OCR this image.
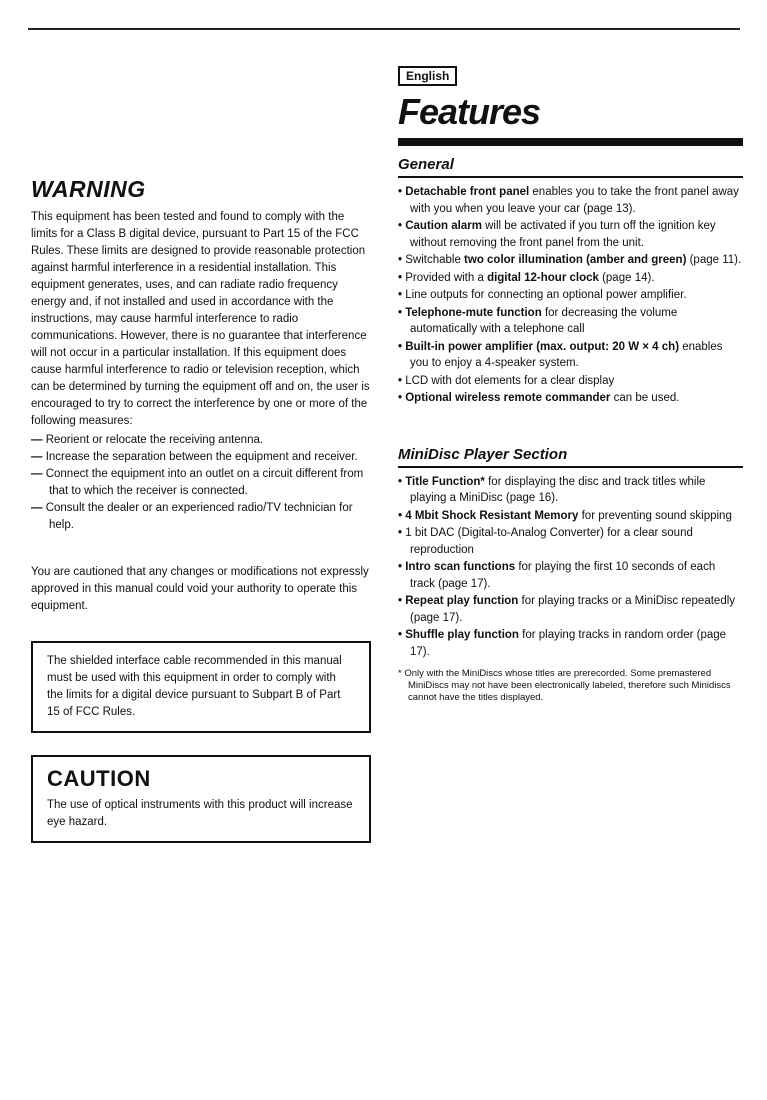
WARNING

This equipment has been tested and found to comply with the limits for a Class B digital device, pursuant to Part 15 of the FCC Rules. These limits are designed to provide reasonable protection against harmful interference in a residential installation. This equipment generates, uses, and can radiate radio frequency energy and, if not installed and used in accordance with the instructions, may cause harmful interference to radio communications. However, there is no guarantee that interference will not occur in a particular installation. If this equipment does cause harmful interference to radio or television reception, which can be determined by turning the equipment off and on, the user is encouraged to try to correct the interference by one or more of the following measures:

— Reorient or relocate the receiving antenna.
— Increase the separation between the equipment and receiver.
— Connect the equipment into an outlet on a circuit different from that to which the receiver is connected.
— Consult the dealer or an experienced radio/TV technician for help.

You are cautioned that any changes or modifications not expressly approved in this manual could void your authority to operate this equipment.

The shielded interface cable recommended in this manual must be used with this equipment in order to comply with the limits for a digital device pursuant to Subpart B of Part 15 of FCC Rules.

CAUTION

The use of optical instruments with this product will increase eye hazard.

English
Features
General
• Detachable front panel enables you to take the front panel away with you when you leave your car (page 13).
• Caution alarm will be activated if you turn off the ignition key without removing the front panel from the unit.
• Switchable two color illumination (amber and green) (page 11).
• Provided with a digital 12-hour clock (page 14).
• Line outputs for connecting an optional power amplifier.
• Telephone-mute function for decreasing the volume automatically with a telephone call
• Built-in power amplifier (max. output: 20 W × 4 ch) enables you to enjoy a 4-speaker system.
• LCD with dot elements for a clear display
• Optional wireless remote commander can be used.
MiniDisc Player Section
• Title Function* for displaying the disc and track titles while playing a MiniDisc (page 16).
• 4 Mbit Shock Resistant Memory for preventing sound skipping
• 1 bit DAC (Digital-to-Analog Converter) for a clear sound reproduction
• Intro scan functions for playing the first 10 seconds of each track (page 17).
• Repeat play function for playing tracks or a MiniDisc repeatedly (page 17).
• Shuffle play function for playing tracks in random order (page 17).
* Only with the MiniDiscs whose titles are prerecorded. Some premastered MiniDiscs may not have been electronically labeled, therefore such Minidiscs cannot have the titles displayed.
